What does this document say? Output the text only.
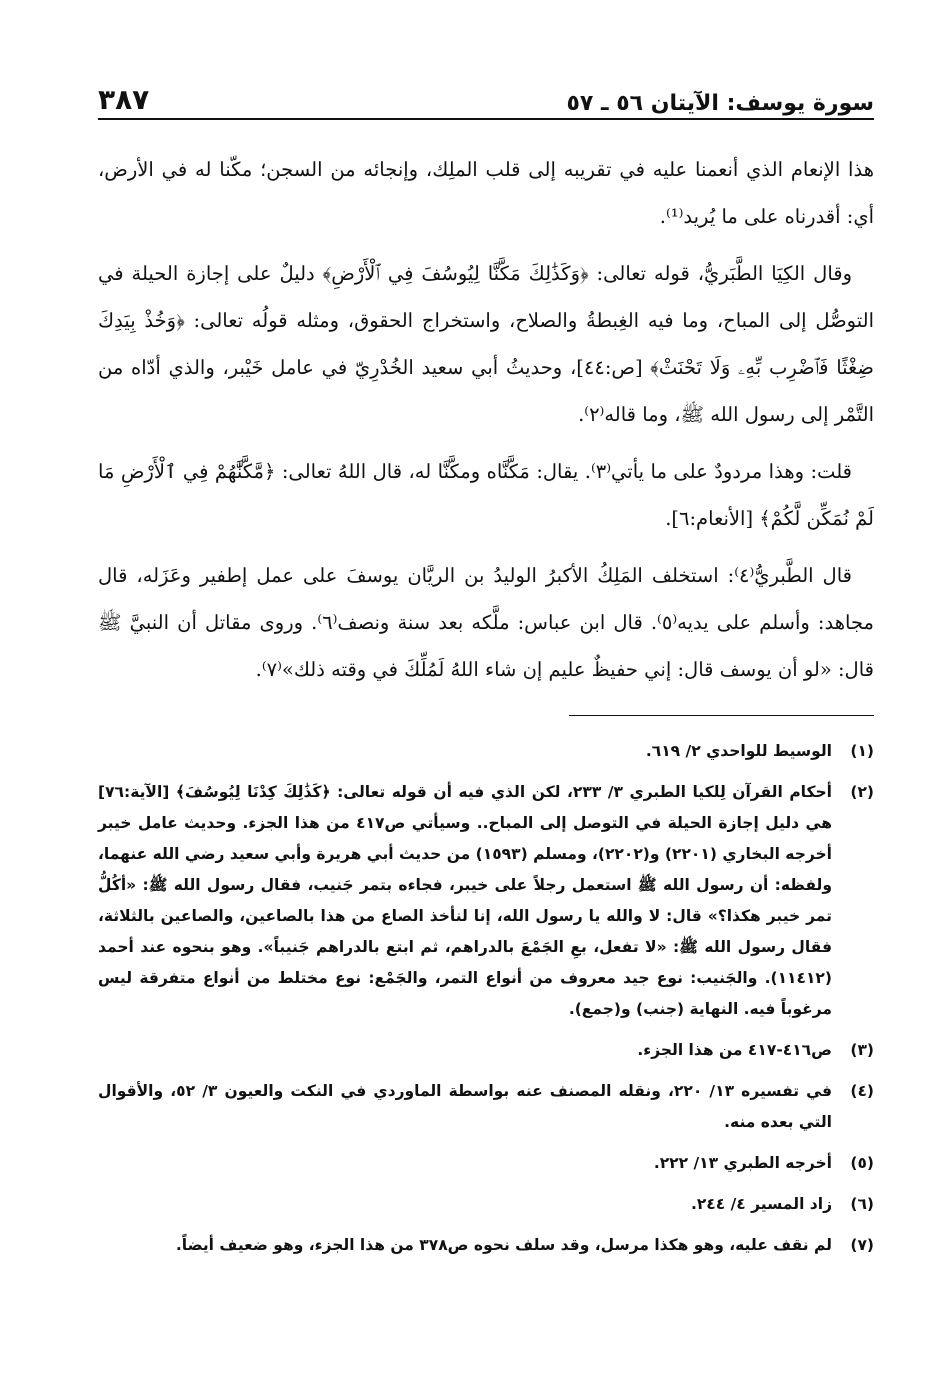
سورة يوسف: الآيتان ٥٦ ـ ٥٧
٣٨٧

هذا الإنعام الذي أنعمنا عليه في تقريبه إلى قلب الملِك، وإنجائه من السجن؛ مكّنا له في الأرض، أي: أقدرناه على ما يُريد⁽¹⁾.

وقال الكِيَا الطَّبَريُّ، قوله تعالى: ﴿وَكَذَٰلِكَ مَكَّنَّا لِيُوسُفَ فِي ٱلْأَرْضِ﴾ دليلٌ على إجازة الحيلة في التوصُّل إلى المباح، وما فيه الغِبطةُ والصلاح، واستخراج الحقوق، ومثله قولُه تعالى: ﴿وَخُذْ بِيَدِكَ ضِغْثًا فَٱضْرِب بِّهِۦ وَلَا تَحْنَثْ﴾ [ص:٤٤]، وحديثُ أبي سعيد الخُدْرِيّ في عامل خَيْبر، والذي أدّاه من التَّمْر إلى رسول الله ﷺ، وما قاله⁽٢⁾.

قلت: وهذا مردودٌ على ما يأتي⁽٣⁾. يقال: مَكَّنَّاه ومكَّنَّا له، قال اللهُ تعالى: ﴿مَّكَّنَّٰهُمْ فِي ٱلْأَرْضِ مَا لَمْ نُمَكِّن لَّكُمْ﴾ [الأنعام:٦].

قال الطَّبريُّ⁽٤⁾: استخلف المَلِكُ الأكبرُ الوليدُ بن الريَّان يوسفَ على عمل إطفير وعَزَله، قال مجاهد: وأسلم على يديه⁽٥⁾. قال ابن عباس: ملَّكه بعد سنة ونصف⁽٦⁾. وروى مقاتل أن النبيَّ ﷺ قال: «لو أن يوسف قال: إني حفيظٌ عليم إن شاء اللهُ لَمُلِّكَ في وقته ذلك»⁽٧⁾.

(١)
الوسيط للواحدي ٢/ ٦١٩.
(٢)
أحكام القرآن لِلكيا الطبري ٣/ ٢٣٣، لكن الذي فيه أن قوله تعالى: ﴿كَذَٰلِكَ كِدْنَا لِيُوسُفَ﴾ [الآية:٧٦] هي دليل إجازة الحيلة في التوصل إلى المباح.. وسيأتي ص٤١٧ من هذا الجزء. وحديث عامل خيبر أخرجه البخاري (٢٢٠١) و(٢٢٠٢)، ومسلم (١٥٩٣) من حديث أبي هريرة وأبي سعيد رضي الله عنهما، ولفظه: أن رسول الله ﷺ استعمل رجلاً على خيبر، فجاءه بتمر جَنيب، فقال رسول الله ﷺ: «أكُلُّ تمر خيبر هكذا؟» قال: لا والله يا رسول الله، إنا لنأخذ الصاع من هذا بالصاعين، والصاعين بالثلاثة، فقال رسول الله ﷺ: «لا تفعل، بعِ الجَمْعَ بالدراهم، ثم ابتع بالدراهم جَنيباً». وهو بنحوه عند أحمد (١١٤١٢). والجَنيب: نوع جيد معروف من أنواع التمر، والجَمْع: نوع مختلط من أنواع متفرقة ليس مرغوباً فيه. النهاية (جنب) و(جمع).
(٣)
ص٤١٦-٤١٧ من هذا الجزء.
(٤)
في تفسيره ١٣/ ٢٢٠، ونقله المصنف عنه بواسطة الماوردي في النكت والعيون ٣/ ٥٢، والأقوال التي بعده منه.
(٥)
أخرجه الطبري ١٣/ ٢٢٢.
(٦)
زاد المسير ٤/ ٢٤٤.
(٧)
لم نقف عليه، وهو هكذا مرسل، وقد سلف نحوه ص٣٧٨ من هذا الجزء، وهو ضعيف أيضاً.
